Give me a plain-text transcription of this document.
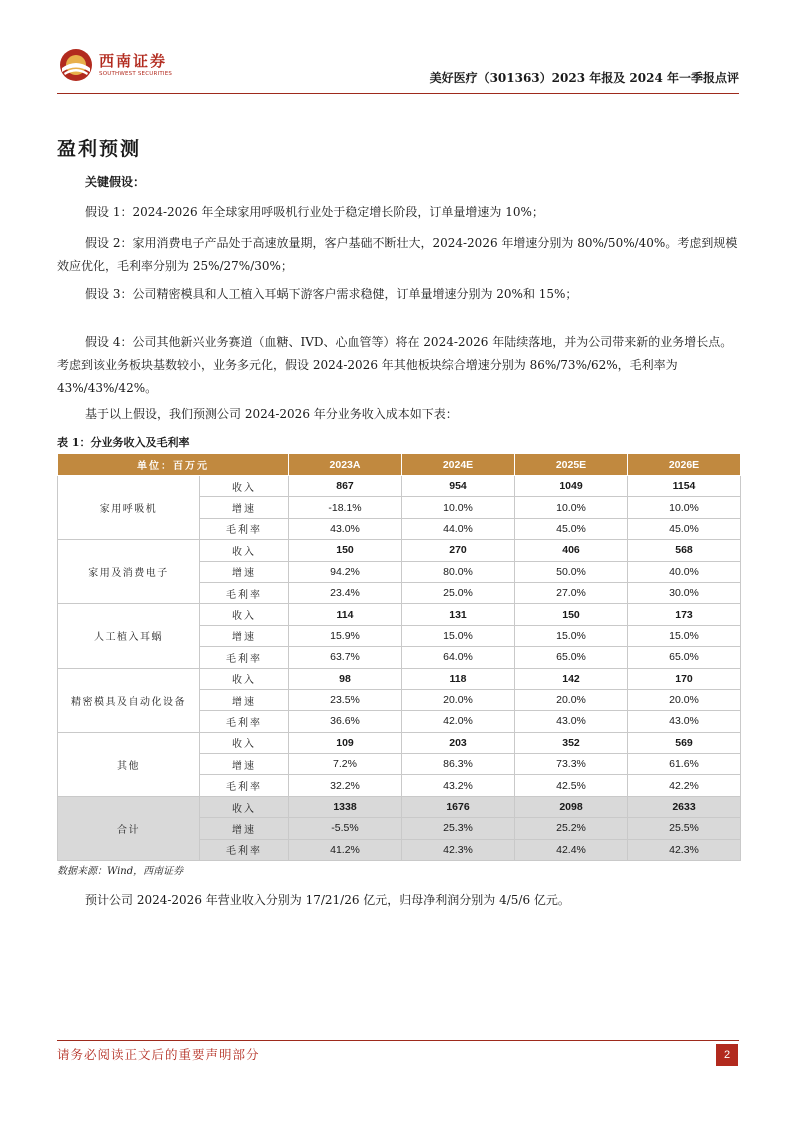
西南证券
SOUTHWEST SECURITIES	美好医疗（301363）2023 年报及 2024 年一季报点评
盈利预测
关键假设：
假设 1：2024-2026 年全球家用呼吸机行业处于稳定增长阶段，订单量增速为 10%；
假设 2：家用消费电子产品处于高速放量期，客户基础不断壮大，2024-2026 年增速分别为 80%/50%/40%。考虑到规模效应优化，毛利率分别为 25%/27%/30%；
假设 3：公司精密模具和人工植入耳蜗下游客户需求稳健，订单量增速分别为 20%和 15%；
假设 4：公司其他新兴业务赛道（血糖、IVD、心血管等）将在 2024-2026 年陆续落地，并为公司带来新的业务增长点。考虑到该业务板块基数较小，业务多元化，假设 2024-2026 年其他板块综合增速分别为 86%/73%/62%，毛利率为 43%/43%/42%。
基于以上假设，我们预测公司 2024-2026 年分业务收入成本如下表：
表 1：分业务收入及毛利率
单位：百万元		2023A	2024E	2025E	2026E
家用呼吸机	收入	867	954	1049	1154
	增速	-18.1%	10.0%	10.0%	10.0%
	毛利率	43.0%	44.0%	45.0%	45.0%
家用及消费电子	收入	150	270	406	568
	增速	94.2%	80.0%	50.0%	40.0%
	毛利率	23.4%	25.0%	27.0%	30.0%
人工植入耳蜗	收入	114	131	150	173
	增速	15.9%	15.0%	15.0%	15.0%
	毛利率	63.7%	64.0%	65.0%	65.0%
精密模具及自动化设备	收入	98	118	142	170
	增速	23.5%	20.0%	20.0%	20.0%
	毛利率	36.6%	42.0%	43.0%	43.0%
其他	收入	109	203	352	569
	增速	7.2%	86.3%	73.3%	61.6%
	毛利率	32.2%	43.2%	42.5%	42.2%
合计	收入	1338	1676	2098	2633
	增速	-5.5%	25.3%	25.2%	25.5%
	毛利率	41.2%	42.3%	42.4%	42.3%
数据来源：Wind，西南证券
预计公司 2024-2026 年营业收入分别为 17/21/26 亿元，归母净利润分别为 4/5/6 亿元。
请务必阅读正文后的重要声明部分	2
